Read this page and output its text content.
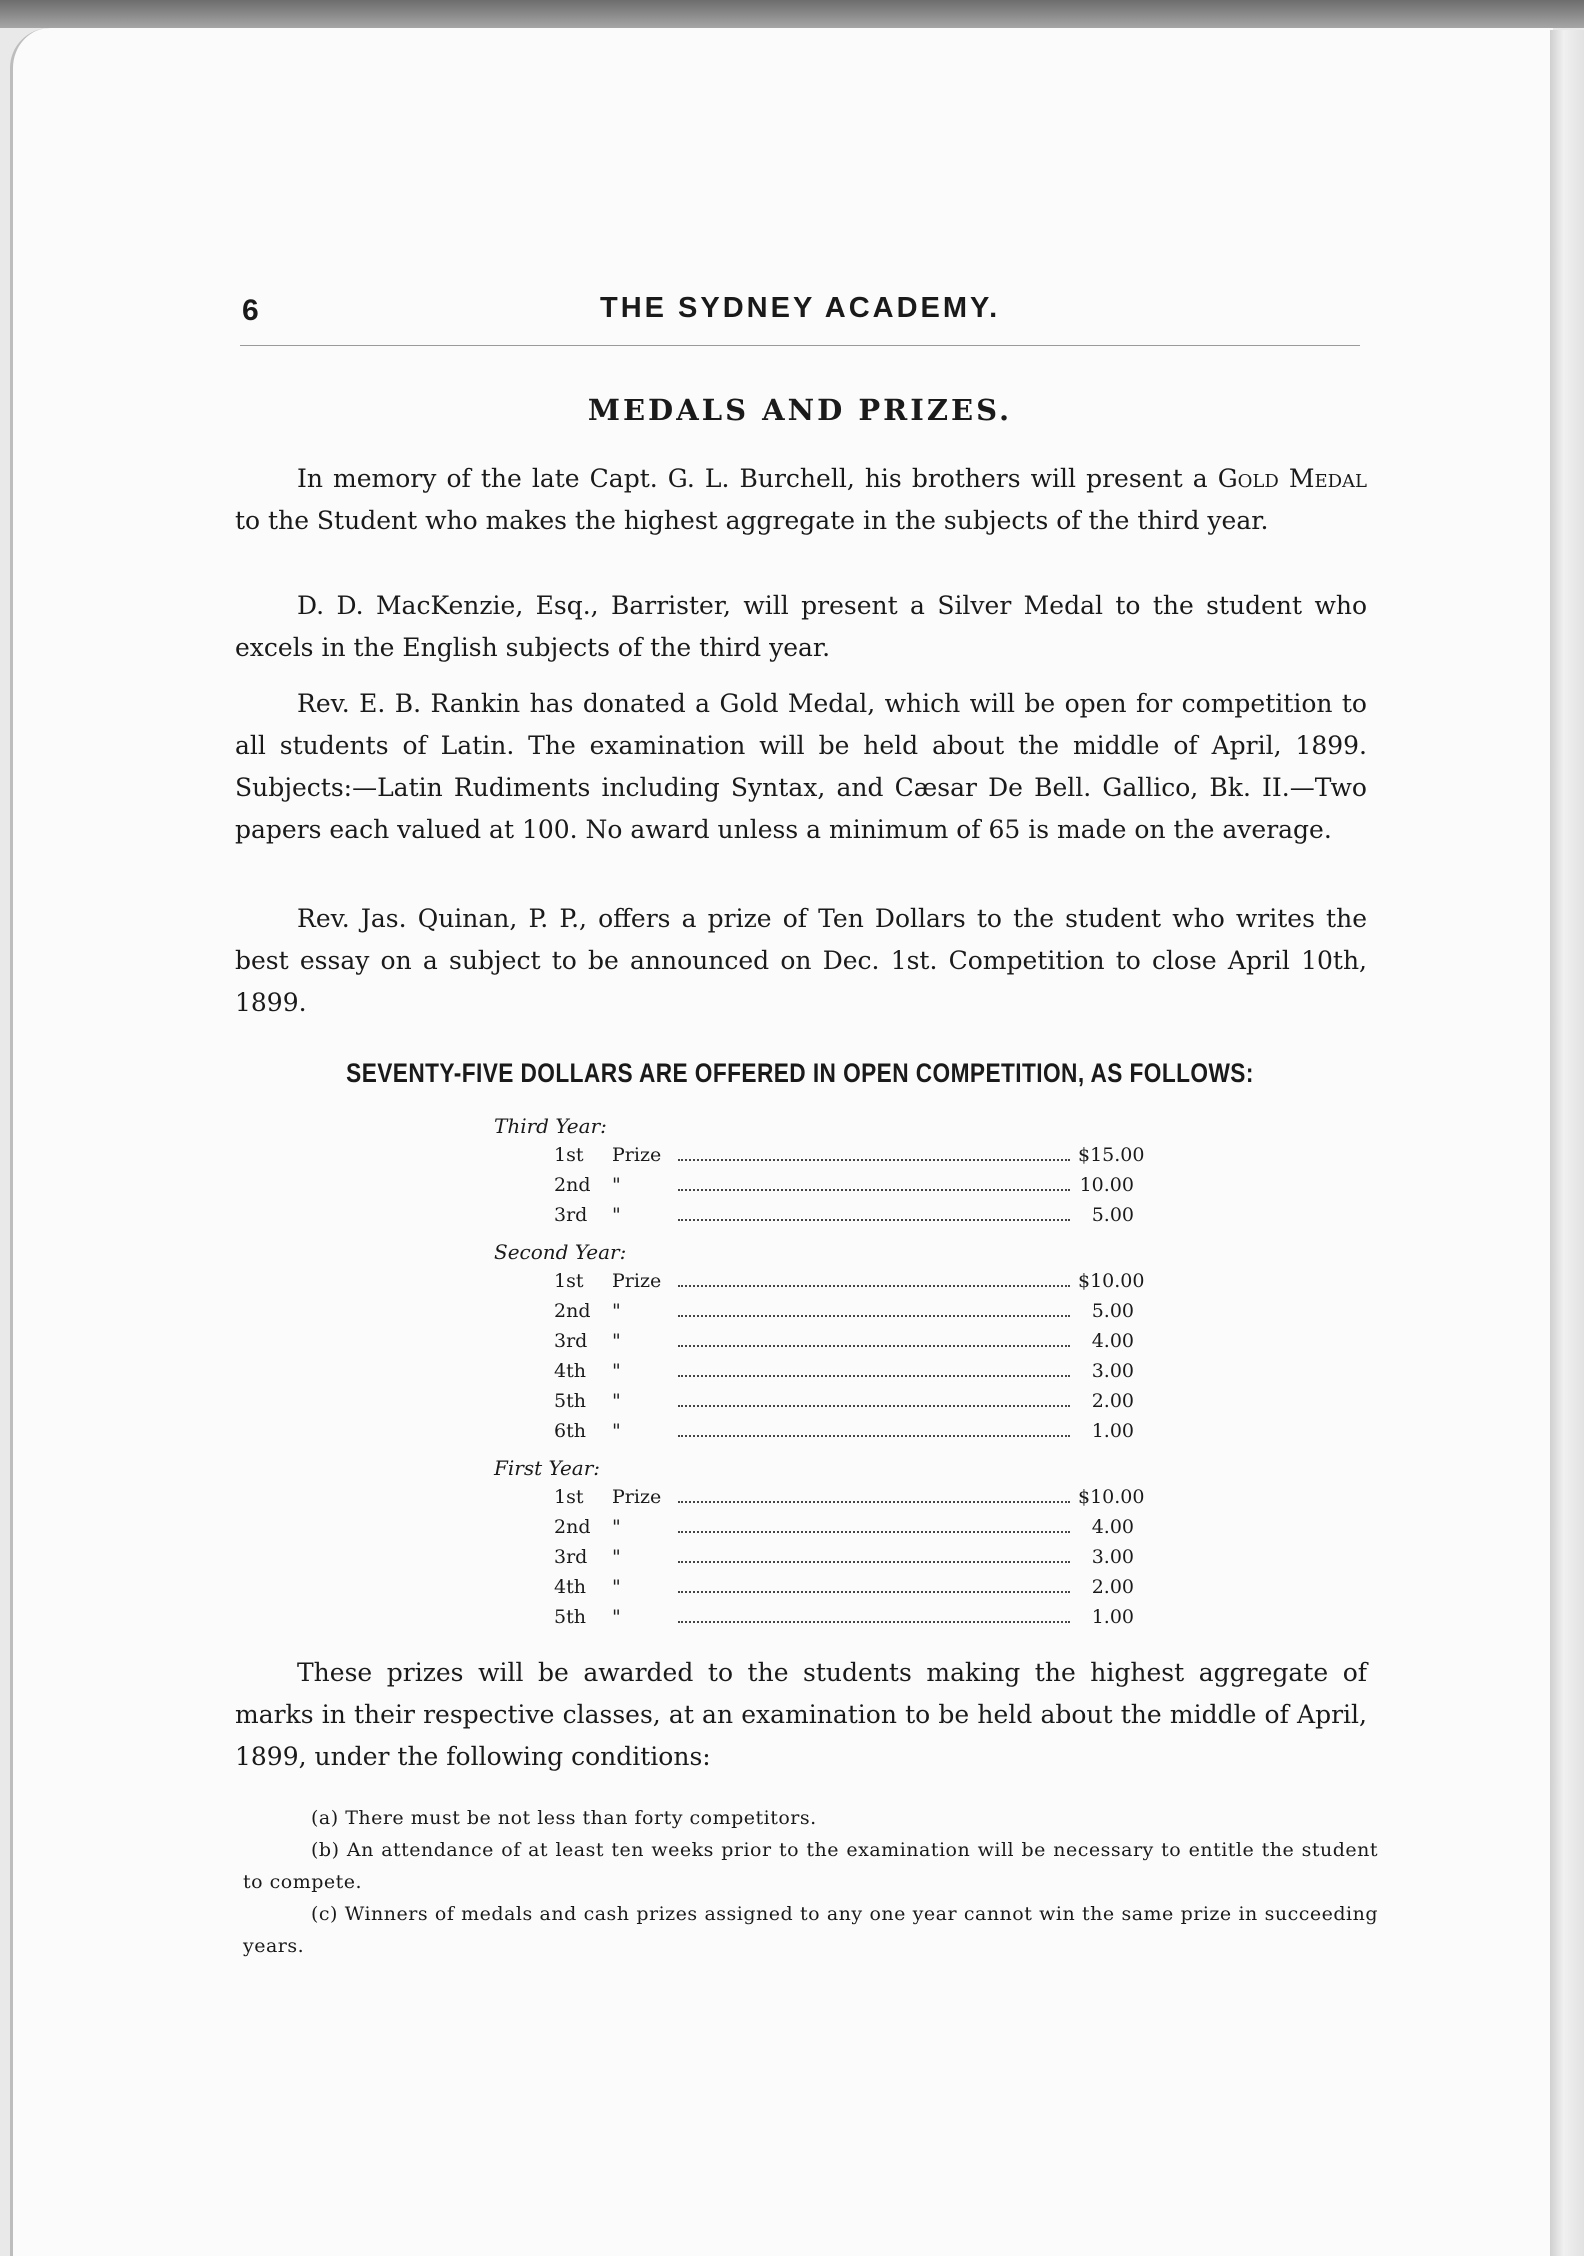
6	THE SYDNEY ACADEMY.
MEDALS AND PRIZES.

In memory of the late Capt. G. L. Burchell, his brothers will present a Gold Medal to the Student who makes the highest aggregate in the subjects of the third year.

D. D. MacKenzie, Esq., Barrister, will present a Silver Medal to the student who excels in the English subjects of the third year.

Rev. E. B. Rankin has donated a Gold Medal, which will be open for competition to all students of Latin. The examination will be held about the middle of April, 1899. Subjects:—Latin Rudiments including Syntax, and Cæsar De Bell. Gallico, Bk. II.—Two papers each valued at 100. No award unless a minimum of 65 is made on the average.

Rev. Jas. Quinan, P. P., offers a prize of Ten Dollars to the student who writes the best essay on a subject to be announced on Dec. 1st. Competition to close April 10th, 1899.

SEVENTY-FIVE DOLLARS ARE OFFERED IN OPEN COMPETITION, AS FOLLOWS:
Third Year:
1st	Prize	$15.00
2nd	"	10.00
3rd	"	5.00
Second Year:
1st	Prize	$10.00
2nd	"	5.00
3rd	"	4.00
4th	"	3.00
5th	"	2.00
6th	"	1.00
First Year:
1st	Prize	$10.00
2nd	"	4.00
3rd	"	3.00
4th	"	2.00
5th	"	1.00

These prizes will be awarded to the students making the highest aggregate of marks in their respective classes, at an examination to be held about the middle of April, 1899, under the following conditions:

(a) There must be not less than forty competitors.

(b) An attendance of at least ten weeks prior to the examination will be necessary to entitle the student to compete.

(c) Winners of medals and cash prizes assigned to any one year cannot win the same prize in succeeding years.
